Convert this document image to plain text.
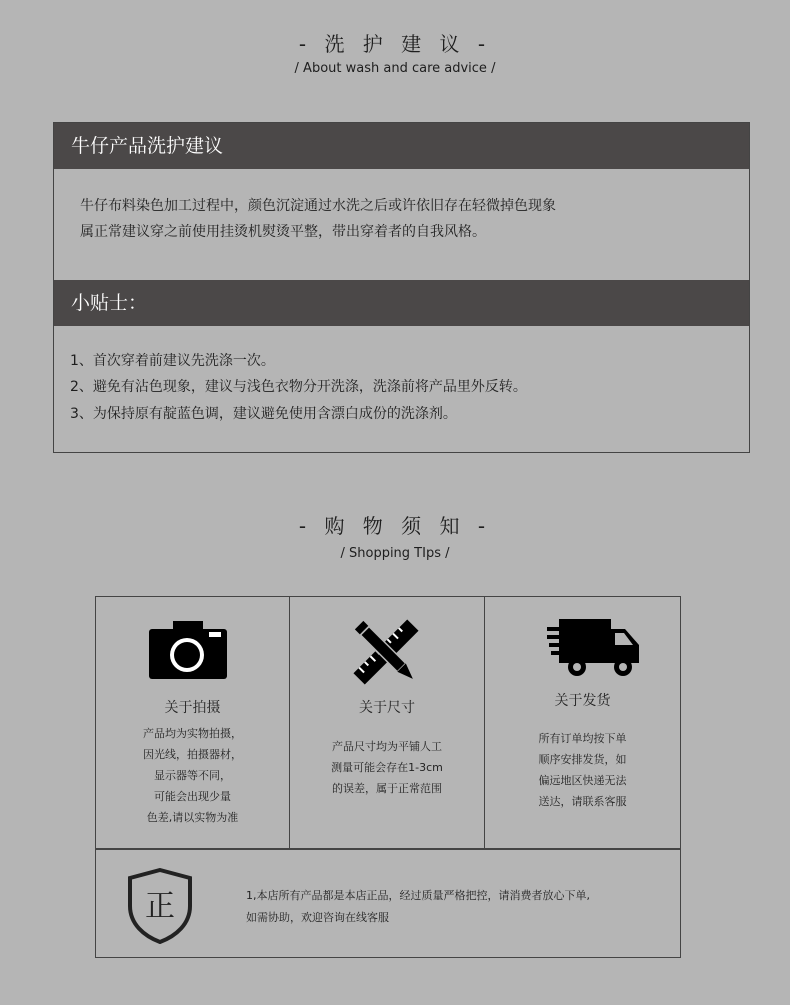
- 洗 护 建 议 -
/ About wash and care advice /
牛仔产品洗护建议
牛仔布料染色加工过程中，颜色沉淀通过水洗之后或许依旧存在轻微掉色现象
属正常建议穿之前使用挂烫机熨烫平整，带出穿着者的自我风格。
小贴士：
1、首次穿着前建议先洗涤一次。
2、避免有沾色现象，建议与浅色衣物分开洗涤，洗涤前将产品里外反转。
3、为保持原有靛蓝色调，建议避免使用含漂白成份的洗涤剂。
- 购 物 须 知 -
/ Shopping TIps /
关于拍摄
产品均为实物拍摄，
因光线，拍摄器材，
显示器等不同，
可能会出现少量
色差,请以实物为准
关于尺寸
产品尺寸均为平铺人工
测量可能会存在1-3cm
的误差，属于正常范围
关于发货
所有订单均按下单
顺序安排发货，如
偏远地区快递无法
送达，请联系客服
正	1,本店所有产品都是本店正品，经过质量严格把控，请消费者放心下单,
如需协助，欢迎咨询在线客服
